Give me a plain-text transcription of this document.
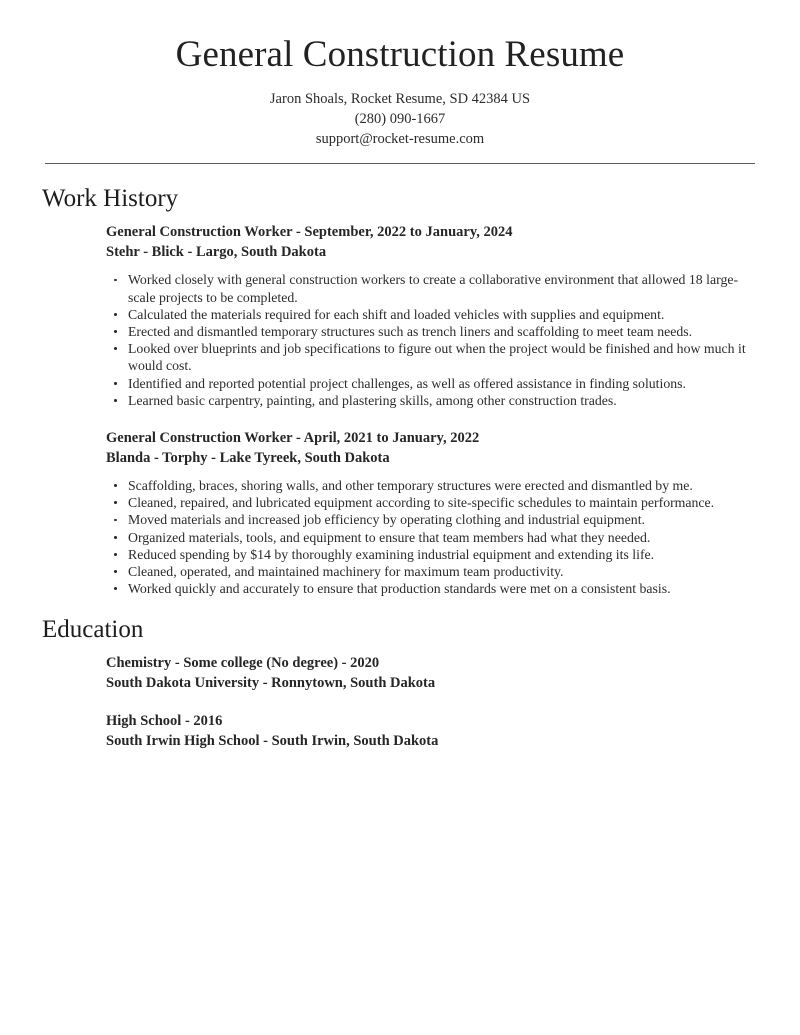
General Construction Resume
Jaron Shoals, Rocket Resume, SD 42384 US
(280) 090-1667
support@rocket-resume.com
Work History
General Construction Worker - September, 2022 to January, 2024
Stehr - Blick - Largo, South Dakota
Worked closely with general construction workers to create a collaborative environment that allowed 18 large-scale projects to be completed.
Calculated the materials required for each shift and loaded vehicles with supplies and equipment.
Erected and dismantled temporary structures such as trench liners and scaffolding to meet team needs.
Looked over blueprints and job specifications to figure out when the project would be finished and how much it would cost.
Identified and reported potential project challenges, as well as offered assistance in finding solutions.
Learned basic carpentry, painting, and plastering skills, among other construction trades.
General Construction Worker - April, 2021 to January, 2022
Blanda - Torphy - Lake Tyreek, South Dakota
Scaffolding, braces, shoring walls, and other temporary structures were erected and dismantled by me.
Cleaned, repaired, and lubricated equipment according to site-specific schedules to maintain performance.
Moved materials and increased job efficiency by operating clothing and industrial equipment.
Organized materials, tools, and equipment to ensure that team members had what they needed.
Reduced spending by $14 by thoroughly examining industrial equipment and extending its life.
Cleaned, operated, and maintained machinery for maximum team productivity.
Worked quickly and accurately to ensure that production standards were met on a consistent basis.
Education
Chemistry - Some college (No degree) - 2020
South Dakota University - Ronnytown, South Dakota
High School - 2016
South Irwin High School - South Irwin, South Dakota
